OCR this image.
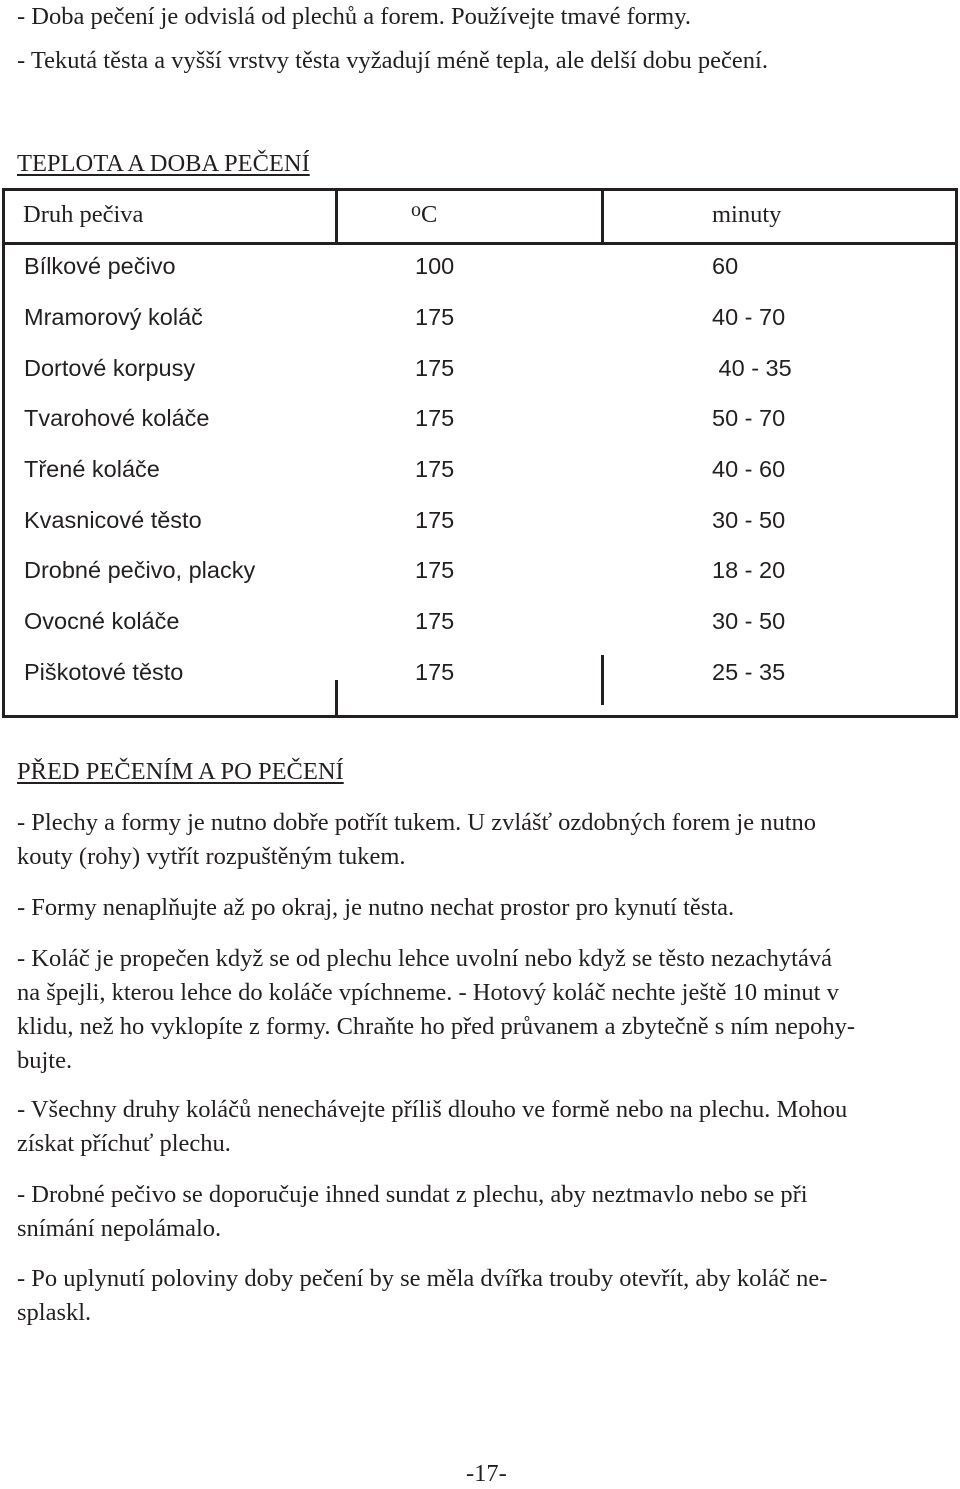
- Doba pečení je odvislá od plechů a forem. Používejte tmavé formy.
- Tekutá těsta a vyšší vrstvy těsta vyžadují méně tepla, ale delší dobu pečení.
TEPLOTA A DOBA PEČENÍ
Druh pečiva	$^o$C	minuty
Bílkové pečivo	100	60
Mramorový koláč	175	40 - 70
Dortové korpusy	175	40 - 35
Tvarohové koláče	175	50 - 70
Třené koláče	175	40 - 60
Kvasnicové těsto	175	30 - 50
Drobné pečivo, placky	175	18 - 20
Ovocné koláče	175	30 - 50
Piškotové těsto	175	25 - 35
PŘED PEČENÍM A PO PEČENÍ
- Plechy a formy je nutno dobře potřít tukem. U zvlášť ozdobných forem je nutno
kouty (rohy) vytřít rozpuštěným tukem.
- Formy nenaplňujte až po okraj, je nutno nechat prostor pro kynutí těsta.
- Koláč je propečen když se od plechu lehce uvolní nebo když se těsto nezachytává
na špejli, kterou lehce do koláče vpíchneme. - Hotový koláč nechte ještě 10 minut v
klidu, než ho vyklopíte z formy. Chraňte ho před průvanem a zbytečně s ním nepohy-
bujte.
- Všechny druhy koláčů nenechávejte příliš dlouho ve formě nebo na plechu. Mohou
získat příchuť plechu.
- Drobné pečivo se doporučuje ihned sundat z plechu, aby neztmavlo nebo se při
snímání nepolámalo.
- Po uplynutí poloviny doby pečení by se měla dvířka trouby otevřít, aby koláč ne-
splaskl.
-17-
